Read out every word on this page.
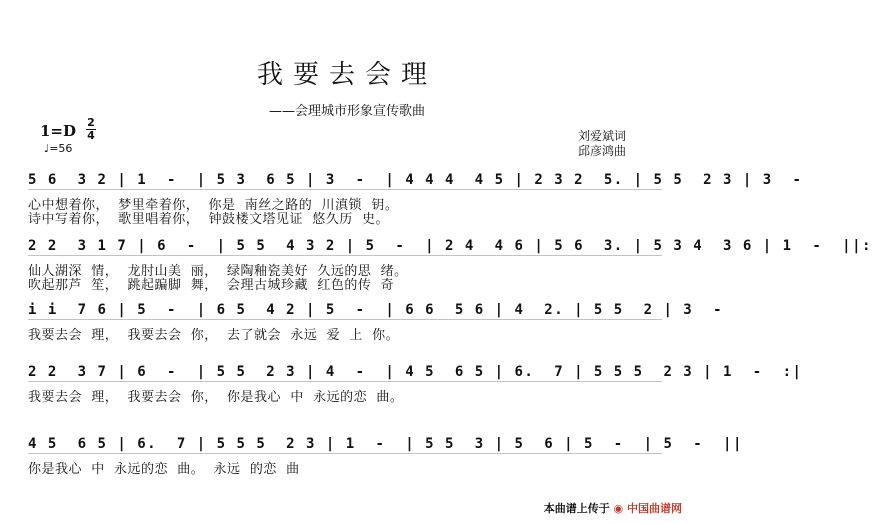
我要去会理
——会理城市形象宣传歌曲
1=D 2
4
♩=56
刘爱斌词
邱彦鸿曲
5 6  3 2 | 1  -  | 5 3  6 5 | 3  -  | 4 4 4  4 5 | 2 3 2  5. | 5 5  2 3 | 3  -
心中想着你，  梦里牵着你，  你是  南丝之路的  川滇锁  钥。
诗中写着你，  歌里唱着你，  钟鼓楼文塔见证  悠久历  史。
2 2  3 1 7 | 6  -  | 5 5  4 3 2 | 5  -  | 2 4  4 6 | 5 6  3. | 5 3 4  3 6 | 1  -  ||:
仙人湖深  情，  龙肘山美  丽，  绿陶釉瓷美好  久远的思  绪。
吹起那芦  笙，  跳起蹁脚  舞，  会理古城珍藏  红色的传  奇
i i  7 6 | 5  -  | 6 5  4 2 | 5  -  | 6 6  5 6 | 4  2. | 5 5  2 | 3  -
我要去会  理，  我要去会  你，  去了就会  永远  爱  上  你。
2 2  3 7 | 6  -  | 5 5  2 3 | 4  -  | 4 5  6 5 | 6.  7 | 5 5 5  2 3 | 1  -  :|
我要去会  理，  我要去会  你，  你是我心  中  永远的恋  曲。
4 5  6 5 | 6.  7 | 5 5 5  2 3 | 1  -  | 5 5  3 | 5  6 | 5  -  | 5  -  ||
你是我心  中  永远的恋  曲。  永远  的恋  曲
本曲谱上传于 ◉ 中国曲谱网
